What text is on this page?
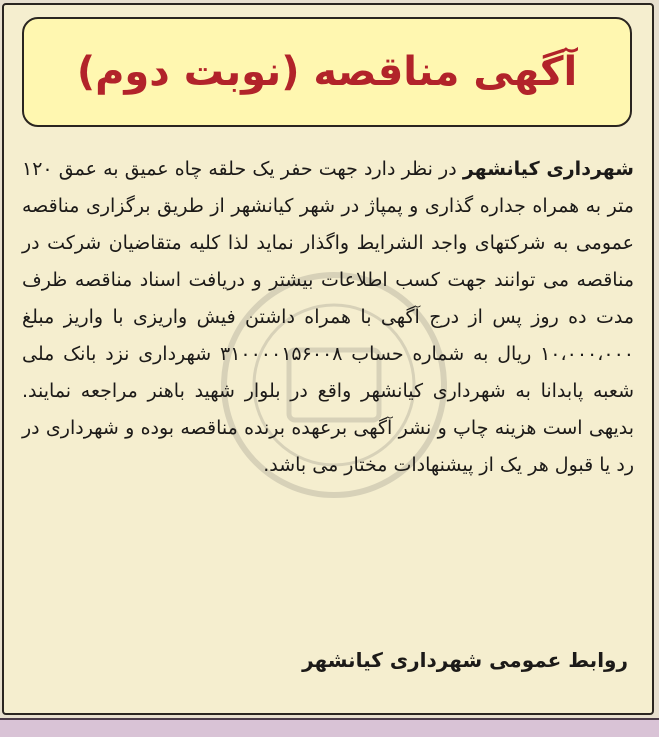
آگهی مناقصه (نوبت دوم)

شهرداری کیانشهر در نظر دارد جهت حفر یک حلقه چاه عمیق به عمق ۱۲۰ متر به همراه جداره گذاری و پمپاژ در شهر کیانشهر از طریق برگزاری مناقصه عمومی به شرکتهای واجد الشرایط واگذار نماید لذا کلیه متقاضیان شرکت در مناقصه می توانند جهت کسب اطلاعات بیشتر و دریافت اسناد مناقصه ظرف مدت ده روز پس از درج آگهی با همراه داشتن فیش واریزی با واریز مبلغ ۱۰،۰۰۰،۰۰۰ ریال به شماره حساب ۳۱۰۰۰۰۱۵۶۰۰۸ شهرداری نزد بانک ملی شعبه پابدانا به شهرداری کیانشهر واقع در بلوار شهید باهنر مراجعه نمایند. بدیهی است هزینه چاپ و نشر آگهی برعهده برنده مناقصه بوده و شهرداری در رد یا قبول هر یک از پیشنهادات مختار می باشد.

روابط عمومی شهرداری کیانشهر
